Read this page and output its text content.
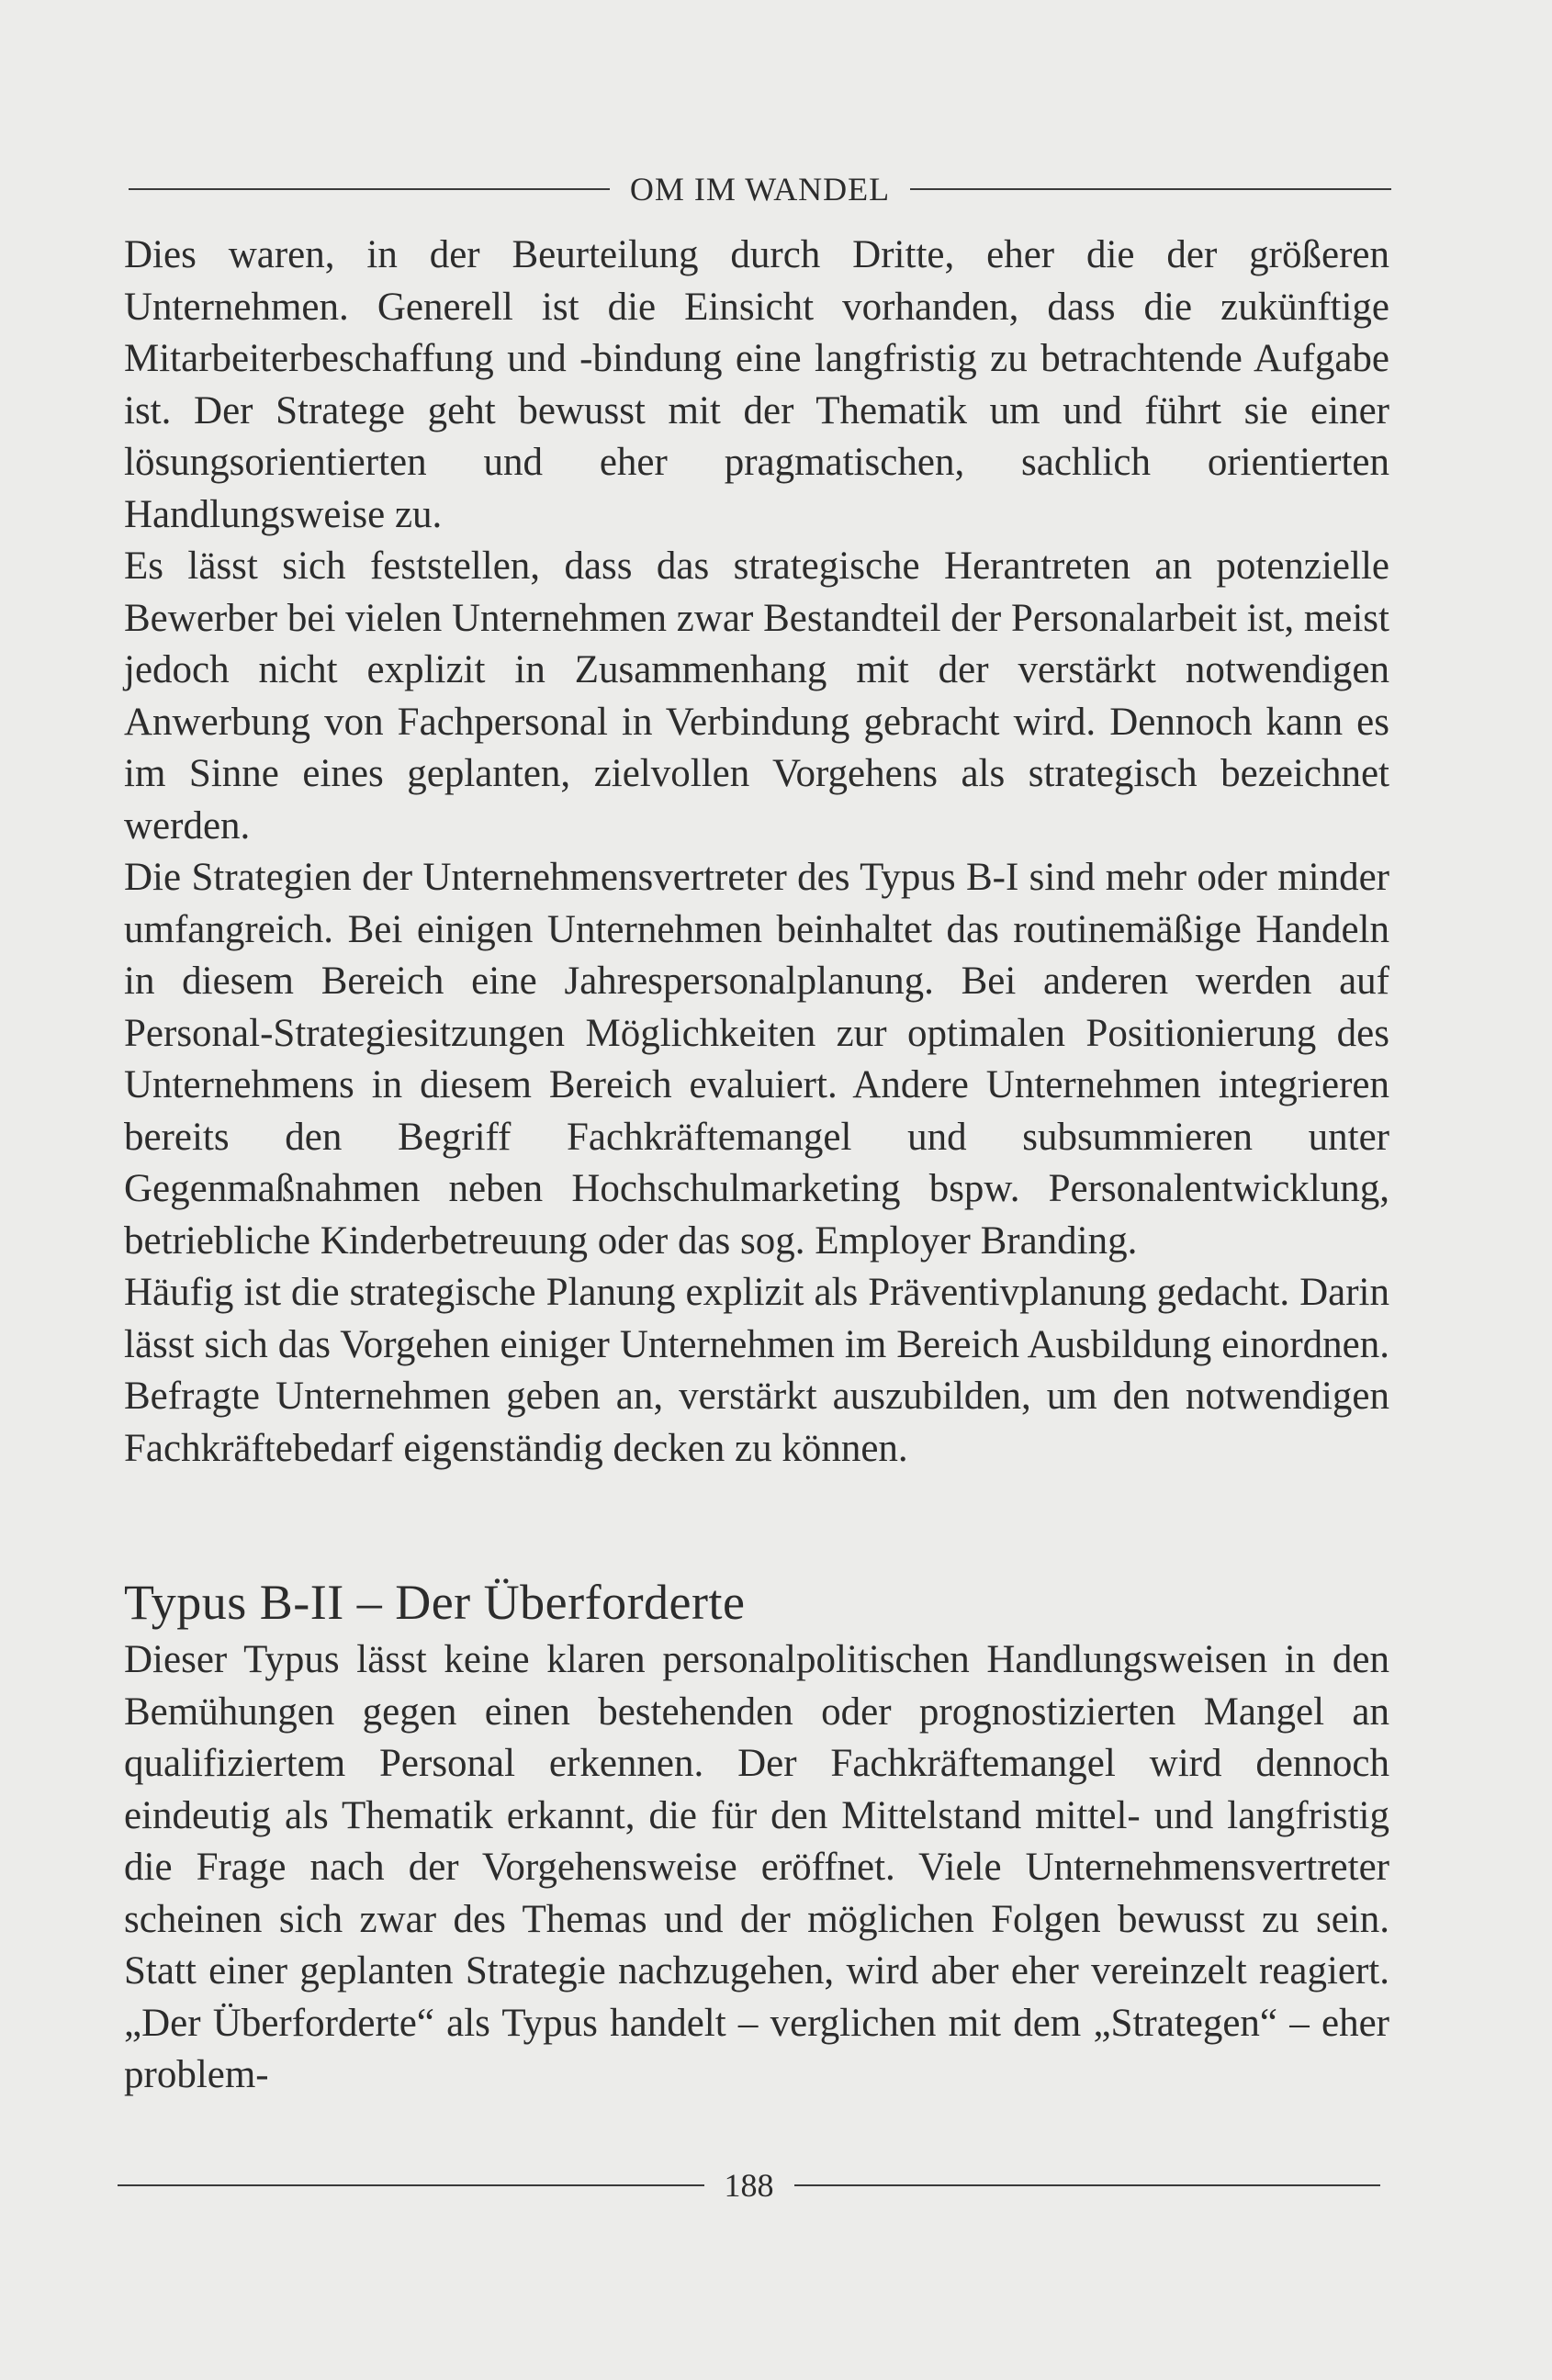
OM IM WANDEL

Dies waren, in der Beurteilung durch Dritte, eher die der größeren Unternehmen. Generell ist die Einsicht vorhanden, dass die zukünftige Mitarbeiterbeschaffung und -bindung eine langfristig zu betrachtende Aufgabe ist. Der Stratege geht bewusst mit der Thematik um und führt sie einer lösungsorientierten und eher pragmatischen, sachlich orientierten Handlungsweise zu.

Es lässt sich feststellen, dass das strategische Herantreten an potenzielle Bewerber bei vielen Unternehmen zwar Bestandteil der Personalarbeit ist, meist jedoch nicht explizit in Zusammenhang mit der verstärkt notwendigen Anwerbung von Fachpersonal in Verbindung gebracht wird. Dennoch kann es im Sinne eines geplanten, zielvollen Vorgehens als strategisch bezeichnet werden.

Die Strategien der Unternehmensvertreter des Typus B-I sind mehr oder minder umfangreich. Bei einigen Unternehmen beinhaltet das routinemäßige Handeln in diesem Bereich eine Jahrespersonalplanung. Bei anderen werden auf Personal-Strategiesitzungen Möglichkeiten zur optimalen Positionierung des Unternehmens in diesem Bereich evaluiert. Andere Unternehmen integrieren bereits den Begriff Fachkräftemangel und subsummieren unter Gegenmaßnahmen neben Hochschulmarketing bspw. Personalentwicklung, betriebliche Kinderbetreuung oder das sog. Employer Branding.

Häufig ist die strategische Planung explizit als Präventivplanung gedacht. Darin lässt sich das Vorgehen einiger Unternehmen im Bereich Ausbildung einordnen. Befragte Unternehmen geben an, verstärkt auszubilden, um den notwendigen Fachkräftebedarf eigenständig decken zu können.

Typus B-II – Der Überforderte

Dieser Typus lässt keine klaren personalpolitischen Handlungsweisen in den Bemühungen gegen einen bestehenden oder prognostizierten Mangel an qualifiziertem Personal erkennen. Der Fachkräftemangel wird dennoch eindeutig als Thematik erkannt, die für den Mittelstand mittel- und langfristig die Frage nach der Vorgehensweise eröffnet. Viele Unternehmensvertreter scheinen sich zwar des Themas und der möglichen Folgen bewusst zu sein. Statt einer geplanten Strategie nachzugehen, wird aber eher vereinzelt reagiert. „Der Überforderte“ als Typus handelt – verglichen mit dem „Strategen“ – eher problem-

188
